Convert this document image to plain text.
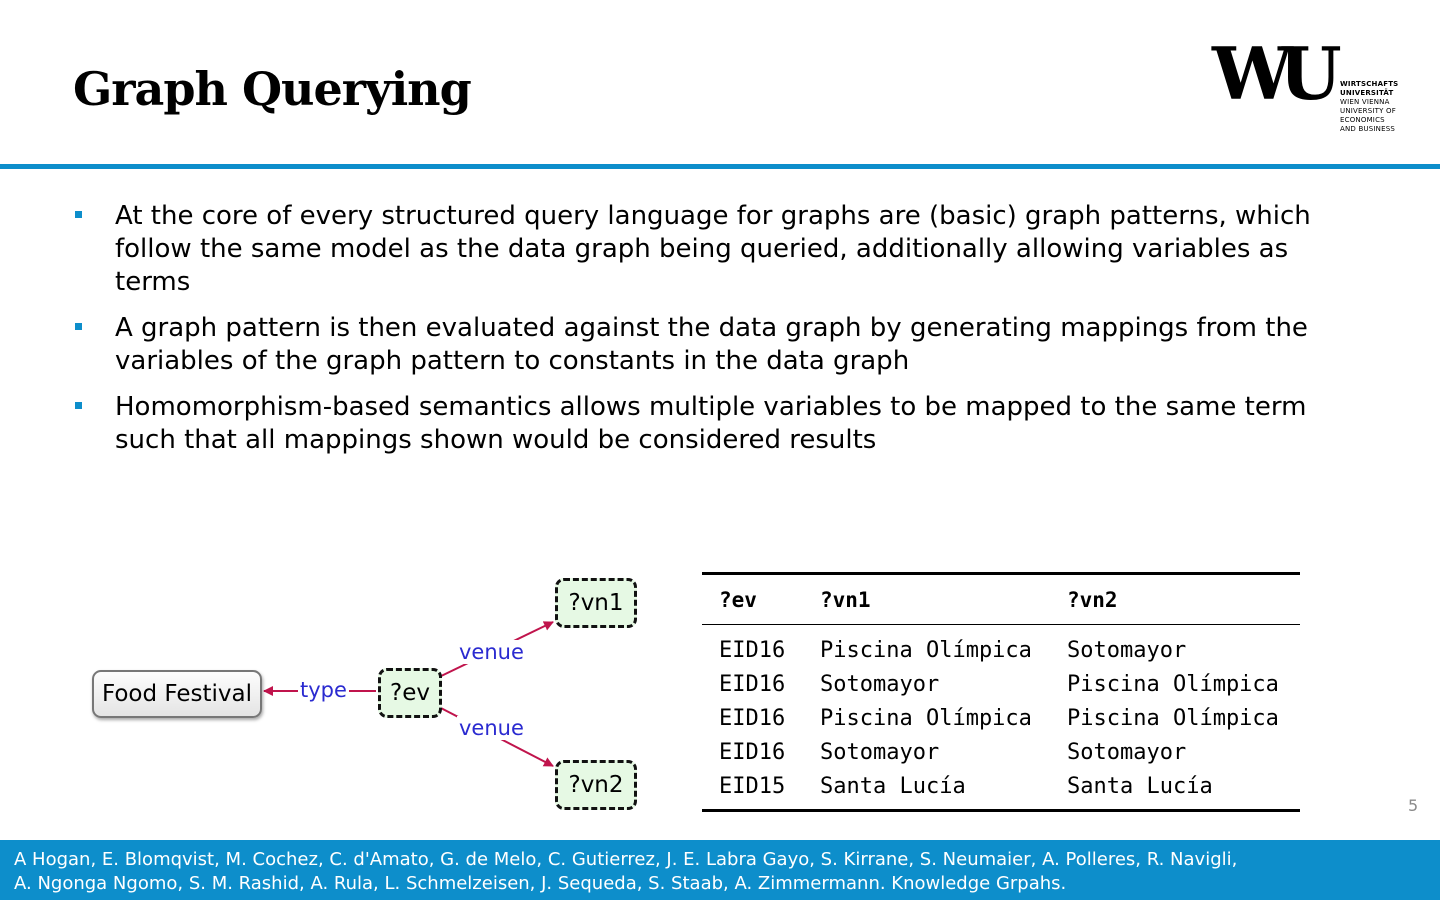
Graph Querying	WU WIRTSCHAFTS
UNIVERSITÄT
WIEN VIENNA
UNIVERSITY OF
ECONOMICS
AND BUSINESS
At the core of every structured query language for graphs are (basic) graph patterns, which follow the same model as the data graph being queried, additionally allowing variables as terms
A graph pattern is then evaluated against the data graph by generating mappings from the variables of the graph pattern to constants in the data graph
Homomorphism-based semantics allows multiple variables to be mapped to the same term such that all mappings shown would be considered results
Food Festival	?ev
?vn1
?vn2
type
venue
venue
?ev	?vn1	?vn2
EID16	Piscina Olímpica	Sotomayor
EID16	Sotomayor	Piscina Olímpica
EID16	Piscina Olímpica	Piscina Olímpica
EID16	Sotomayor	Sotomayor
EID15	Santa Lucía	Santa Lucía
5
A Hogan, E. Blomqvist, M. Cochez, C. d'Amato, G. de Melo, C. Gutierrez, J. E. Labra Gayo, S. Kirrane, S. Neumaier, A. Polleres, R. Navigli,
A. Ngonga Ngomo, S. M. Rashid, A. Rula, L. Schmelzeisen, J. Sequeda, S. Staab, A. Zimmermann. Knowledge Grpahs.
